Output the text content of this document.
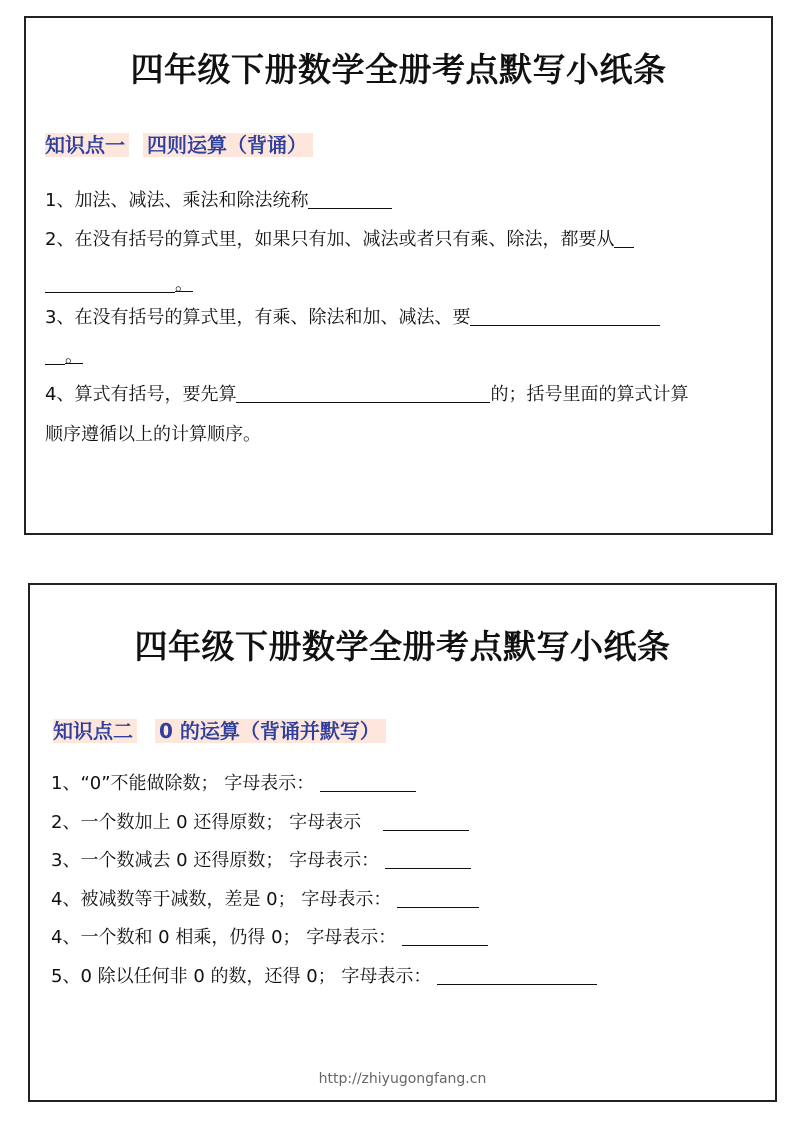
四年级下册数学全册考点默写小纸条
知识点一 四则运算（背诵）
1、加法、减法、乘法和除法统称
2、在没有括号的算式里，如果只有加、减法或者只有乘、除法，都要从
。
3、在没有括号的算式里，有乘、除法和加、减法、要
。
4、算式有括号，要先算	的；括号里面的算式计算
顺序遵循以上的计算顺序。
四年级下册数学全册考点默写小纸条
知识点二 0 的运算（背诵并默写）
1、“0”不能做除数； 字母表示：
2、一个数加上 0 还得原数； 字母表示
3、一个数减去 0 还得原数； 字母表示：
4、被减数等于减数，差是 0； 字母表示：
4、一个数和 0 相乘，仍得 0； 字母表示：
5、0 除以任何非 0 的数，还得 0； 字母表示：
http://zhiyugongfang.cn
